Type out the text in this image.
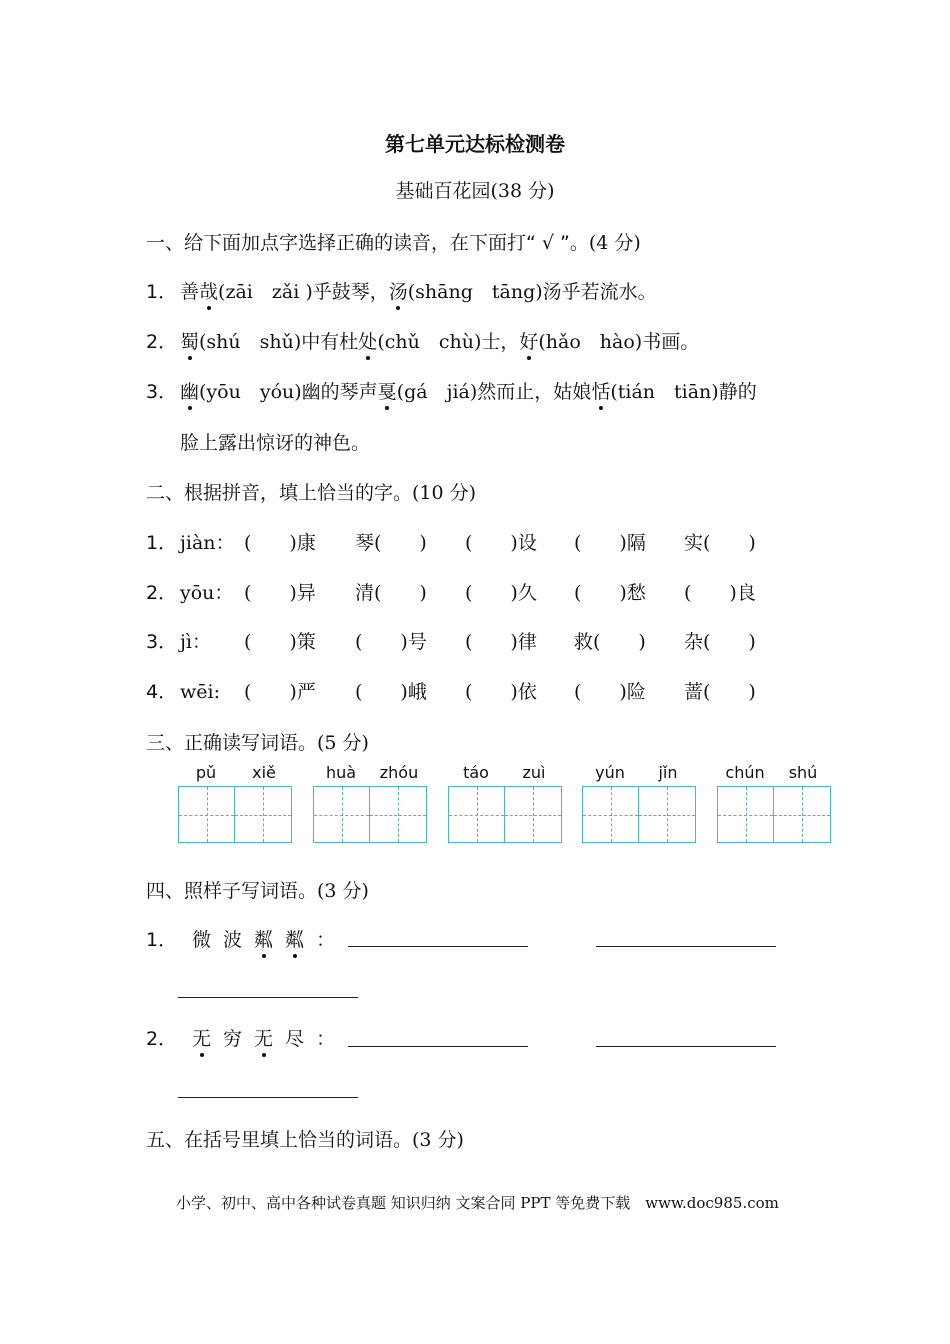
第七单元达标检测卷
基础百花园(38 分)
一、给下面加点字选择正确的读音，在下面打“ √ ”。(4 分)
1． 善哉(zāi　zǎi )乎鼓琴，汤(shāng　tāng)汤乎若流水。
2． 蜀(shú　shǔ)中有杜处(chǔ　chù)士，好(hǎo　hào)书画。
3． 幽(yōu　yóu)幽的琴声戛(gá　jiá)然而止，姑娘恬(tián　tiān)静的
脸上露出惊讶的神色。
二、根据拼音，填上恰当的字。(10 分)
1． jiàn： (　　)康 琴(　　) (　　)设 (　　)隔 实(　　)
2． yōu： (　　)异 清(　　) (　　)久 (　　)愁 (　　)良
3． jì： (　　)策 (　　)号 (　　)律 救(　　) 杂(　　)
4． wēi: (　　)严 (　　)峨 (　　)依 (　　)险 蔷(　　)
三、正确读写词语。(5 分)
pǔ xiě	huà zhóu	táo zuì	yún jǐn	chún shú
四、照样子写词语。(3 分)
1． 微 波 粼 粼 ：
2． 无 穷 无 尽 ：
五、在括号里填上恰当的词语。(3 分)
小学、初中、高中各种试卷真题 知识归纳 文案合同 PPT 等免费下载　www.doc985.com
